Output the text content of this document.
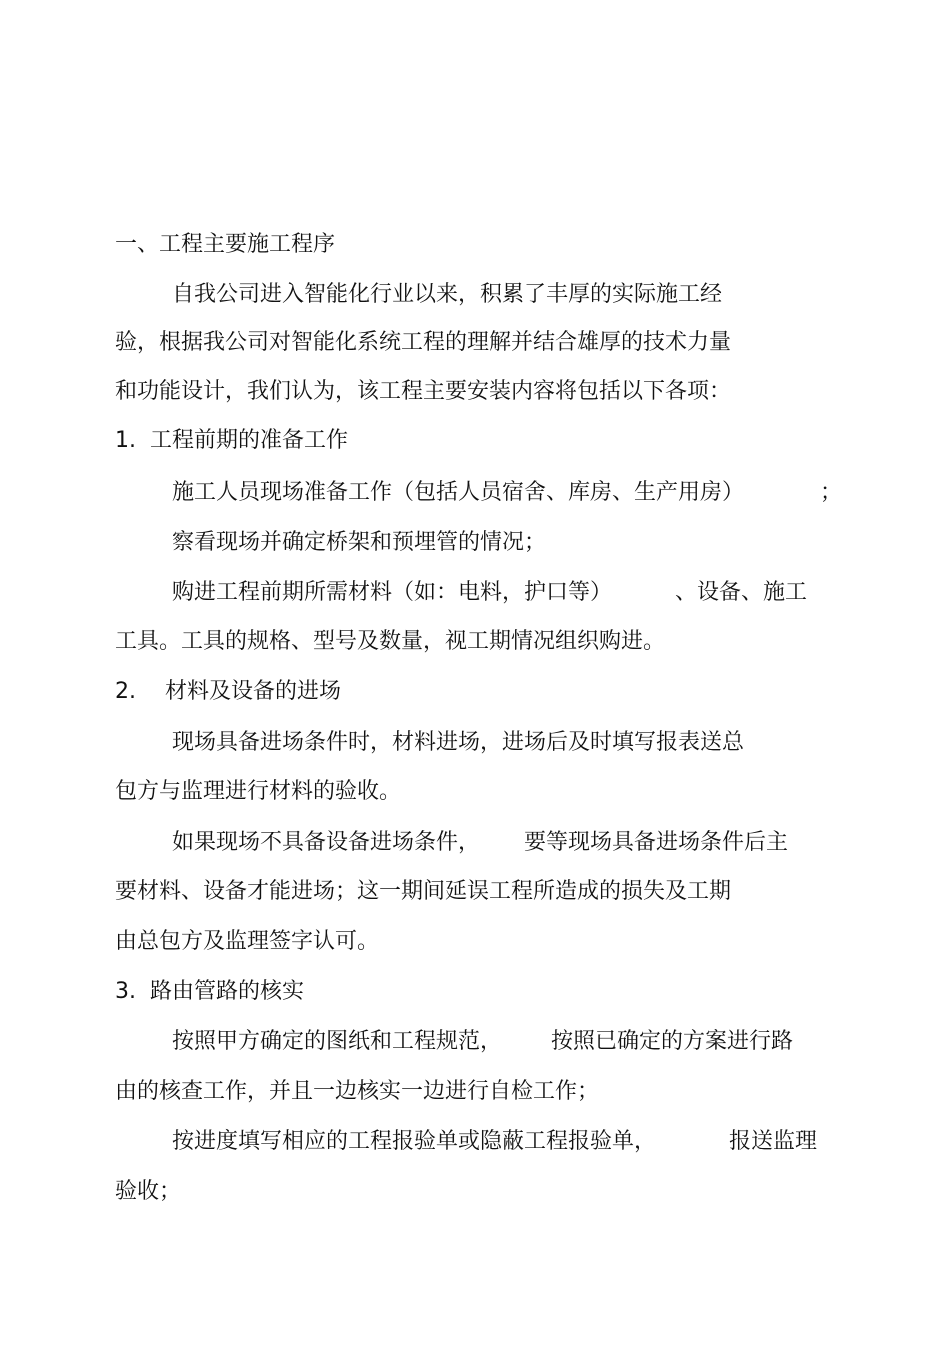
一、工程主要施工程序
自我公司进入智能化行业以来，积累了丰厚的实际施工经
验，根据我公司对智能化系统工程的理解并结合雄厚的技术力量
和功能设计，我们认为，该工程主要安装内容将包括以下各项：
1. 工程前期的准备工作
施工人员现场准备工作（包括人员宿舍、库房、生产用房）	；
察看现场并确定桥架和预埋管的情况；
购进工程前期所需材料（如：电料，护口等）	、设备、施工
工具。工具的规格、型号及数量，视工期情况组织购进。
2. 材料及设备的进场
现场具备进场条件时，材料进场，进场后及时填写报表送总
包方与监理进行材料的验收。
如果现场不具备设备进场条件， 要等现场具备进场条件后主
要材料、设备才能进场；这一期间延误工程所造成的损失及工期
由总包方及监理签字认可。
3. 路由管路的核实
按照甲方确定的图纸和工程规范， 按照已确定的方案进行路
由的核查工作，并且一边核实一边进行自检工作；
按进度填写相应的工程报验单或隐蔽工程报验单，	报送监理
验收；
